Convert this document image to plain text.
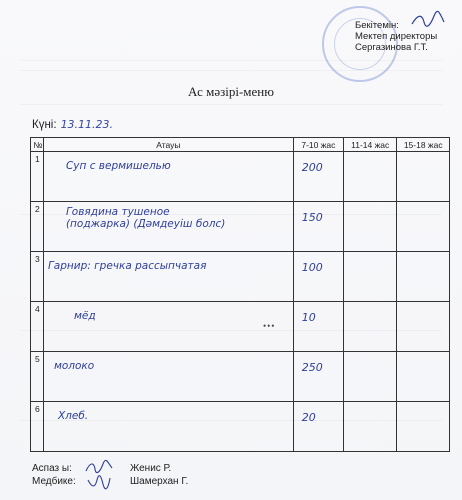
Бекітемін:
Мектеп директоры
Сергазинова Г.Т.
Ас мәзірі-меню
Күні: 13.11.23.
№	Атауы	7-10 жас	11-14 жас	15-18 жас

1	Суп с вермишелью	200		

2	Говядина тушеное (поджарка) (Дәмдеуіш болс)	150		

3	Гарнир: гречка рассыпчатая	100		

4	мёд	10		

5	молоко	250		

6	Хлеб.	20		

•••
Аспаз ы:	Женис Р.
Медбике:	Шамерхан Г.
